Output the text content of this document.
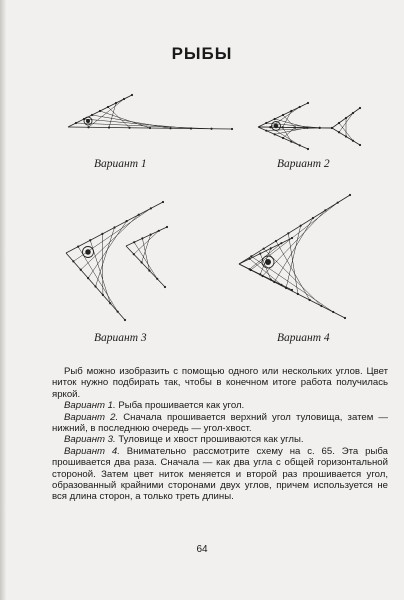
РЫБЫ
Вариант 1	Вариант 2
Вариант 3	Вариант 4

Рыб можно изобразить с помощью одного или нескольких углов. Цвет ниток нужно подбирать так, чтобы в конечном итоге работа получилась яркой.

Вариант 1. Рыба прошивается как угол.

Вариант 2. Сначала прошивается верхний угол туловища, затем — нижний, в последнюю очередь — угол-хвост.

Вариант 3. Туловище и хвост прошиваются как углы.

Вариант 4. Внимательно рассмотрите схему на с. 65. Эта рыба прошивается два раза. Сначала — как два угла с общей горизонтальной стороной. Затем цвет ниток меняется и второй раз прошивается угол, образованный крайними сторонами двух углов, причем используется не вся длина сторон, а только треть длины.

64
